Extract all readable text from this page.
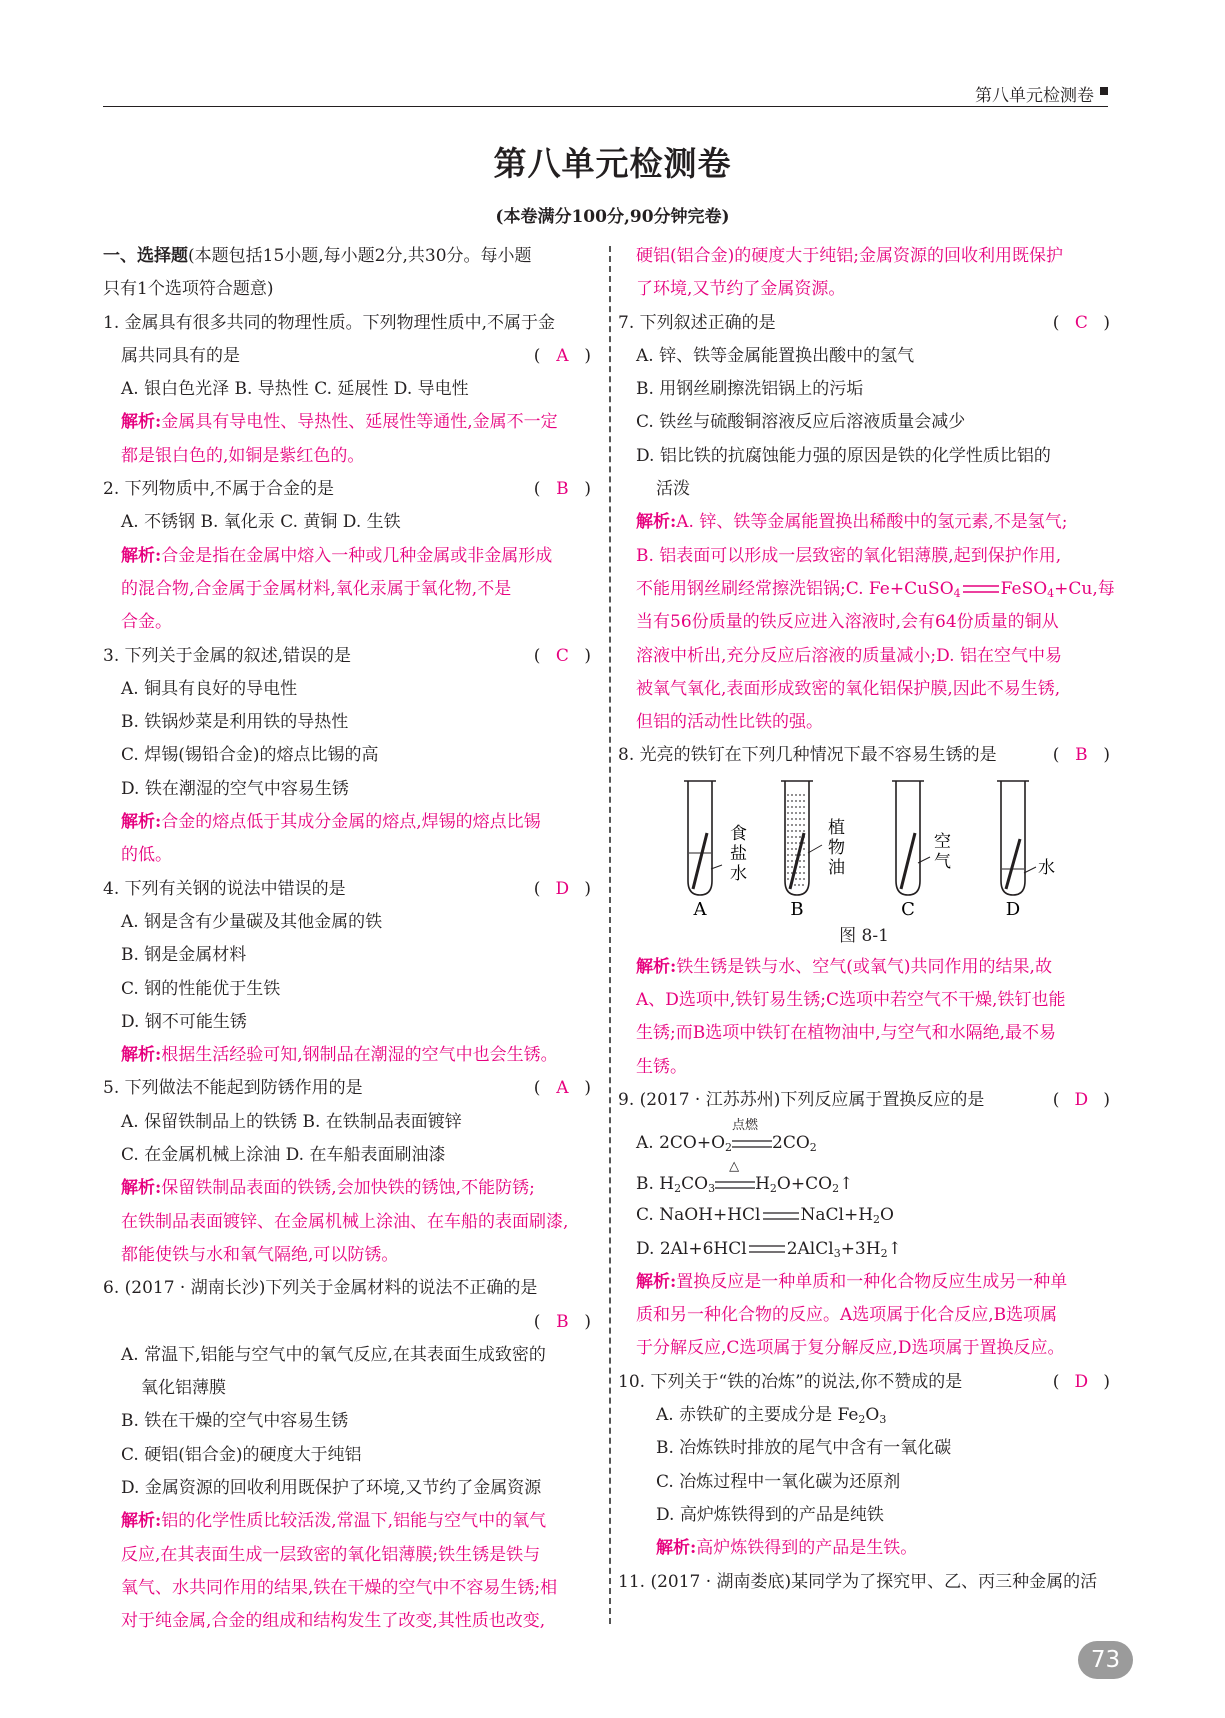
第八单元检测卷
第八单元检测卷
(本卷满分100分,90分钟完卷)
一、选择题(本题包括15小题,每小题2分,共30分。每小题
只有1个选项符合题意)
1. 金属具有很多共同的物理性质。下列物理性质中,不属于金
属共同具有的是	( A )
A. 银白色光泽 B. 导热性 C. 延展性 D. 导电性
解析:金属具有导电性、导热性、延展性等通性,金属不一定
都是银白色的,如铜是紫红色的。
2. 下列物质中,不属于合金的是	( B )
A. 不锈钢 B. 氧化汞 C. 黄铜 D. 生铁
解析:合金是指在金属中熔入一种或几种金属或非金属形成
的混合物,合金属于金属材料,氧化汞属于氧化物,不是
合金。
3. 下列关于金属的叙述,错误的是	( C )
A. 铜具有良好的导电性
B. 铁锅炒菜是利用铁的导热性
C. 焊锡(锡铅合金)的熔点比锡的高
D. 铁在潮湿的空气中容易生锈
解析:合金的熔点低于其成分金属的熔点,焊锡的熔点比锡
的低。
4. 下列有关钢的说法中错误的是	( D )
A. 钢是含有少量碳及其他金属的铁
B. 钢是金属材料
C. 钢的性能优于生铁
D. 钢不可能生锈
解析:根据生活经验可知,钢制品在潮湿的空气中也会生锈。
5. 下列做法不能起到防锈作用的是	( A )
A. 保留铁制品上的铁锈 B. 在铁制品表面镀锌
C. 在金属机械上涂油 D. 在车船表面刷油漆
解析:保留铁制品表面的铁锈,会加快铁的锈蚀,不能防锈;
在铁制品表面镀锌、在金属机械上涂油、在车船的表面刷漆,
都能使铁与水和氧气隔绝,可以防锈。
6. (2017 · 湖南长沙)下列关于金属材料的说法不正确的是
( B )
A. 常温下,铝能与空气中的氧气反应,在其表面生成致密的
氧化铝薄膜
B. 铁在干燥的空气中容易生锈
C. 硬铝(铝合金)的硬度大于纯铝
D. 金属资源的回收利用既保护了环境,又节约了金属资源
解析:铝的化学性质比较活泼,常温下,铝能与空气中的氧气
反应,在其表面生成一层致密的氧化铝薄膜;铁生锈是铁与
氧气、水共同作用的结果,铁在干燥的空气中不容易生锈;相
对于纯金属,合金的组成和结构发生了改变,其性质也改变,
硬铝(铝合金)的硬度大于纯铝;金属资源的回收利用既保护
了环境,又节约了金属资源。
7. 下列叙述正确的是	( C )
A. 锌、铁等金属能置换出酸中的氢气
B. 用钢丝刷擦洗铝锅上的污垢
C. 铁丝与硫酸铜溶液反应后溶液质量会减少
D. 铝比铁的抗腐蚀能力强的原因是铁的化学性质比铝的
活泼
解析:A. 锌、铁等金属能置换出稀酸中的氢元素,不是氢气;
B. 铝表面可以形成一层致密的氧化铝薄膜,起到保护作用,
不能用钢丝刷经常擦洗铝锅;C. Fe+CuSO$_4$ FeSO$_4$+Cu,每
当有56份质量的铁反应进入溶液时,会有64份质量的铜从
溶液中析出,充分反应后溶液的质量减小;D. 铝在空气中易
被氧气氧化,表面形成致密的氧化铝保护膜,因此不易生锈,
但铝的活动性比铁的强。
8. 光亮的铁钉在下列几种情况下最不容易生锈的是	( B )
食
盐
水
A
植
物
油
B
空
气
C
水
D
图 8-1
解析:铁生锈是铁与水、空气(或氧气)共同作用的结果,故
A、D选项中,铁钉易生锈;C选项中若空气不干燥,铁钉也能
生锈;而B选项中铁钉在植物油中,与空气和水隔绝,最不易
生锈。
9. (2017 · 江苏苏州)下列反应属于置换反应的是	( D )
A. $2CO+O_2$
点燃
$2CO_2$
B. $H_2CO_3$
△
$H_2O+CO_2↑$
C. NaOH+HCl $NaCl+H_2O$
D. 2Al+6HCl $2AlCl_3+3H_2↑$
解析:置换反应是一种单质和一种化合物反应生成另一种单
质和另一种化合物的反应。A选项属于化合反应,B选项属
于分解反应,C选项属于复分解反应,D选项属于置换反应。
10. 下列关于“铁的冶炼”的说法,你不赞成的是	( D )
A. 赤铁矿的主要成分是 $Fe_2O_3$
B. 冶炼铁时排放的尾气中含有一氧化碳
C. 冶炼过程中一氧化碳为还原剂
D. 高炉炼铁得到的产品是纯铁
解析:高炉炼铁得到的产品是生铁。
11. (2017 · 湖南娄底)某同学为了探究甲、乙、丙三种金属的活
73
